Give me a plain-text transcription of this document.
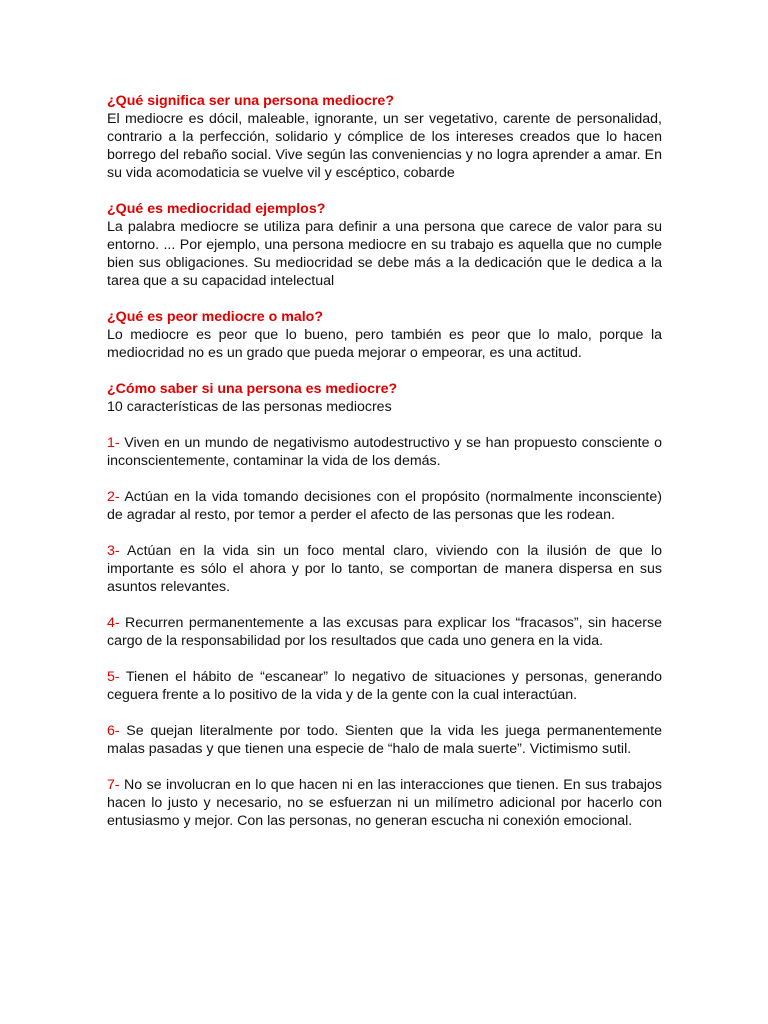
¿Qué significa ser una persona mediocre?

El mediocre es dócil, maleable, ignorante, un ser vegetativo, carente de personalidad, contrario a la perfección, solidario y cómplice de los intereses creados que lo hacen borrego del rebaño social. Vive según las conveniencias y no logra aprender a amar. En su vida acomodaticia se vuelve vil y escéptico, cobarde

¿Qué es mediocridad ejemplos?

La palabra mediocre se utiliza para definir a una persona que carece de valor para su entorno. ... Por ejemplo, una persona mediocre en su trabajo es aquella que no cumple bien sus obligaciones. Su mediocridad se debe más a la dedicación que le dedica a la tarea que a su capacidad intelectual

¿Qué es peor mediocre o malo?

Lo mediocre es peor que lo bueno, pero también es peor que lo malo, porque la mediocridad no es un grado que pueda mejorar o empeorar, es una actitud.

¿Cómo saber si una persona es mediocre?

10 características de las personas mediocres

1- Viven en un mundo de negativismo autodestructivo y se han propuesto consciente o inconscientemente, contaminar la vida de los demás.

2- Actúan en la vida tomando decisiones con el propósito (normalmente inconsciente) de agradar al resto, por temor a perder el afecto de las personas que les rodean.

3- Actúan en la vida sin un foco mental claro, viviendo con la ilusión de que lo importante es sólo el ahora y por lo tanto, se comportan de manera dispersa en sus asuntos relevantes.

4- Recurren permanentemente a las excusas para explicar los “fracasos”, sin hacerse cargo de la responsabilidad por los resultados que cada uno genera en la vida.

5- Tienen el hábito de “escanear” lo negativo de situaciones y personas, generando ceguera frente a lo positivo de la vida y de la gente con la cual interactúan.

6- Se quejan literalmente por todo. Sienten que la vida les juega permanentemente malas pasadas y que tienen una especie de “halo de mala suerte”. Victimismo sutil.

7- No se involucran en lo que hacen ni en las interacciones que tienen. En sus trabajos hacen lo justo y necesario, no se esfuerzan ni un milímetro adicional por hacerlo con entusiasmo y mejor. Con las personas, no generan escucha ni conexión emocional.
